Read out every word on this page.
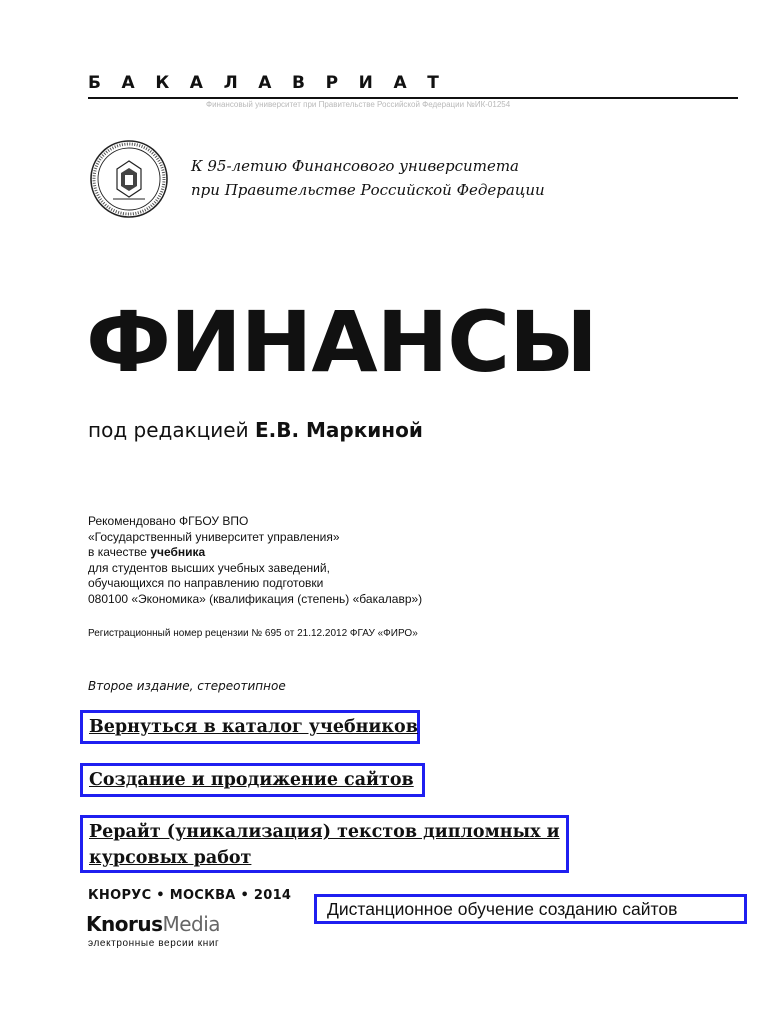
БАКАЛАВРИАТ
Финансовый университет при Правительстве Российской Федерации №ИК-01254
К 95-летию Финансового университета
при Правительстве Российской Федерации
ФИНАНСЫ
под редакцией Е.В. Маркиной
Рекомендовано ФГБОУ ВПО
«Государственный университет управления»
в качестве учебника
для студентов высших учебных заведений,
обучающихся по направлению подготовки
080100 «Экономика» (квалификация (степень) «бакалавр»)
Регистрационный номер рецензии № 695 от 21.12.2012 ФГАУ «ФИРО»
Второе издание, стереотипное
Вернуться в каталог учебников
Создание и продижение сайтов
Рерайт (уникализация) текстов дипломных и курсовых работ
Дистанционное обучение созданию сайтов
КНОРУС • МОСКВА • 2014
KnorusMedia
электронные версии книг
